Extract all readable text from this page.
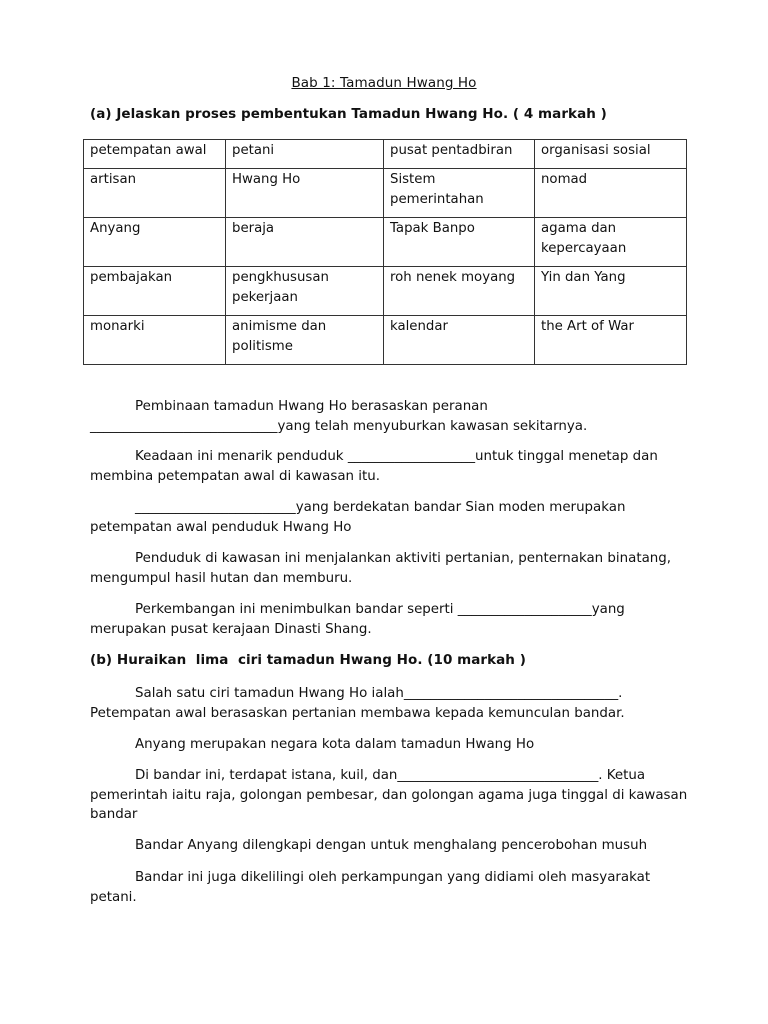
Bab 1: Tamadun Hwang Ho
(a) Jelaskan proses pembentukan Tamadun Hwang Ho. ( 4 markah )
petempatan awal	petani	pusat pentadbiran	organisasi sosial
artisan	Hwang Ho	Sistem pemerintahan	nomad
Anyang	beraja	Tapak Banpo	agama dan kepercayaan
pembajakan	pengkhususan pekerjaan	roh nenek moyang	Yin dan Yang
monarki	animisme dan politisme	kalendar	the Art of War
Pembinaan tamadun Hwang Ho berasaskan peranan
____________________________yang telah menyuburkan kawasan sekitarnya.
Keadaan ini menarik penduduk ___________________untuk tinggal menetap dan membina petempatan awal di kawasan itu.
________________________yang berdekatan bandar Sian moden merupakan petempatan awal penduduk Hwang Ho
Penduduk di kawasan ini menjalankan aktiviti pertanian, penternakan binatang, mengumpul hasil hutan dan memburu.
Perkembangan ini menimbulkan bandar seperti ____________________yang merupakan pusat kerajaan Dinasti Shang.
(b) Huraikan  lima  ciri tamadun Hwang Ho. (10 markah )
Salah satu ciri tamadun Hwang Ho ialah________________________________. Petempatan awal berasaskan pertanian membawa kepada kemunculan bandar.
Anyang merupakan negara kota dalam tamadun Hwang Ho
Di bandar ini, terdapat istana, kuil, dan______________________________. Ketua pemerintah iaitu raja, golongan pembesar, dan golongan agama juga tinggal di kawasan bandar
Bandar Anyang dilengkapi dengan untuk menghalang pencerobohan musuh
Bandar ini juga dikelilingi oleh perkampungan yang didiami oleh masyarakat petani.
